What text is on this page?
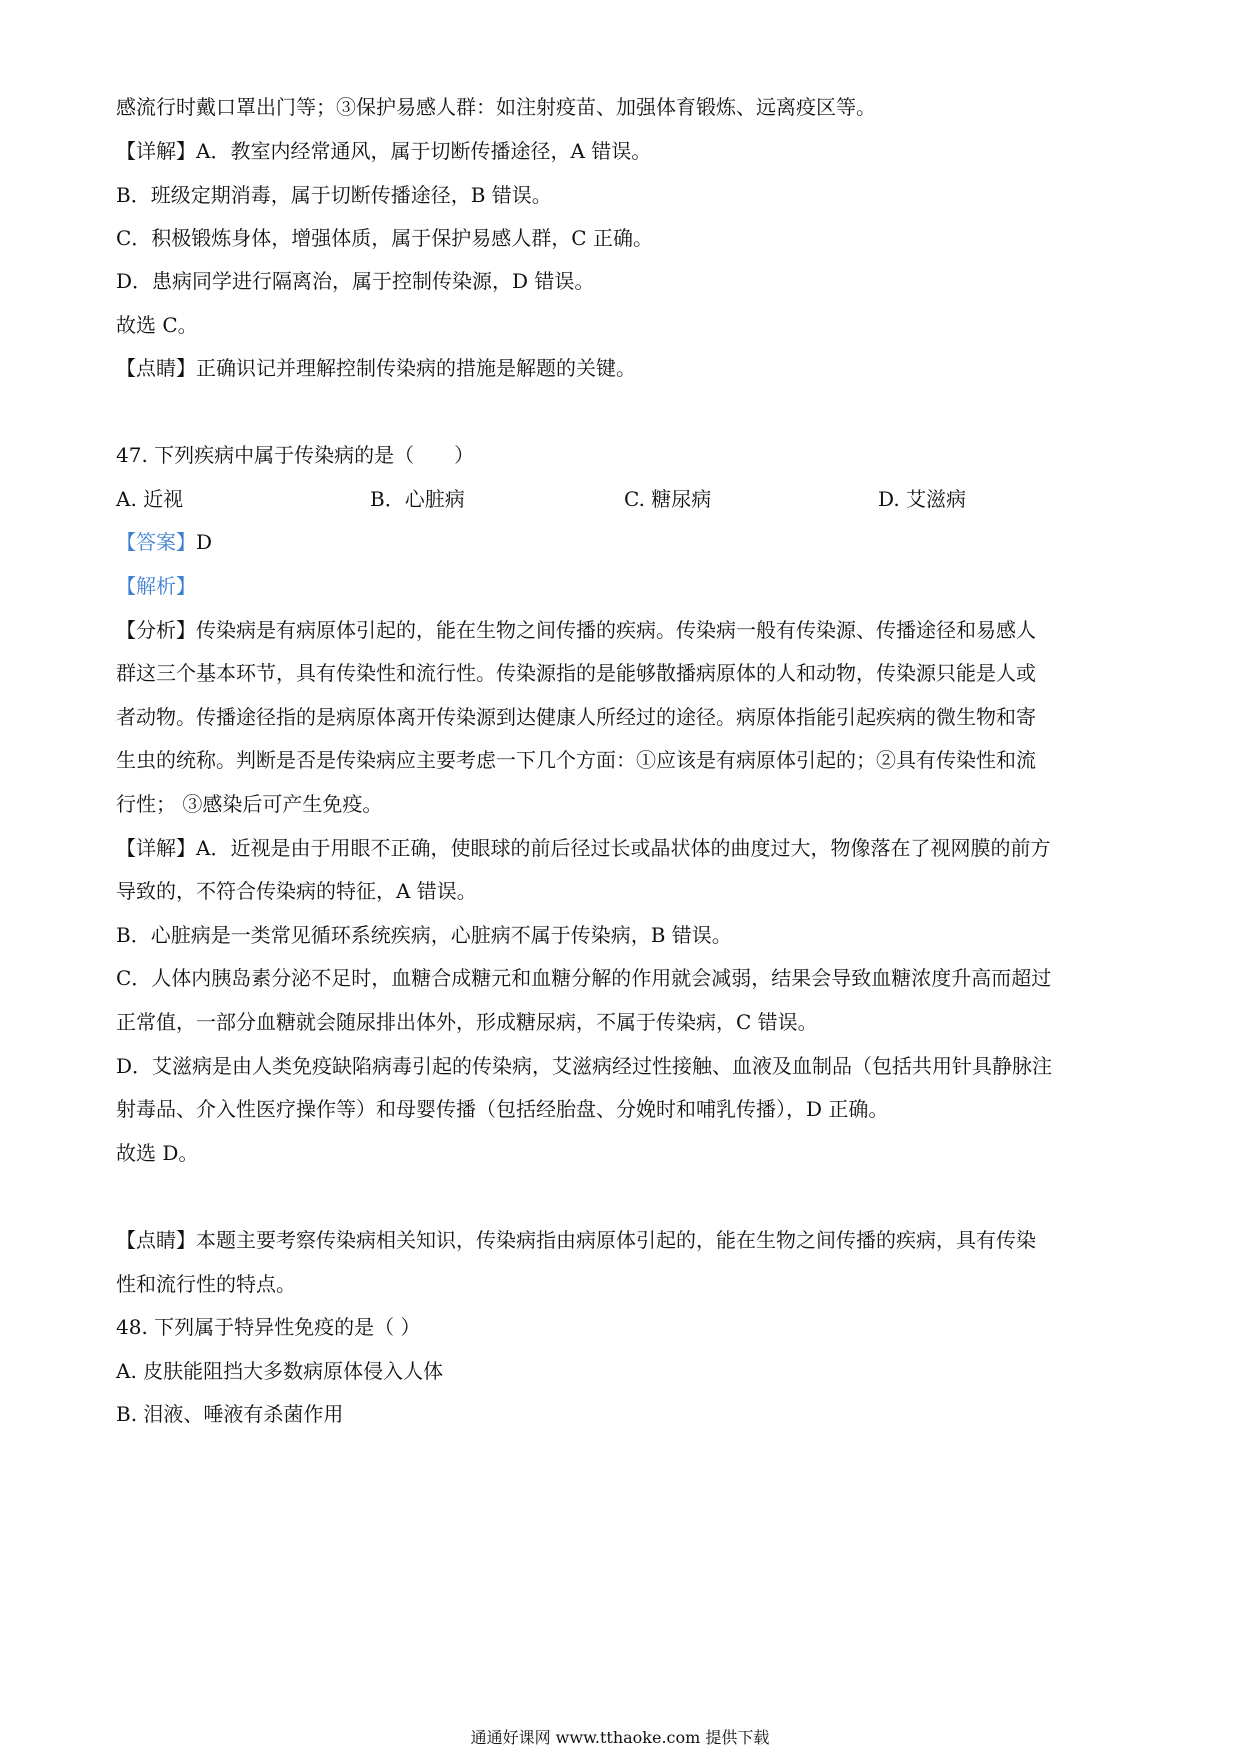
感流行时戴口罩出门等；③保护易感人群：如注射疫苗、加强体育锻炼、远离疫区等。
【详解】A．教室内经常通风，属于切断传播途径，A 错误。
B．班级定期消毒，属于切断传播途径，B 错误。
C．积极锻炼身体，增强体质，属于保护易感人群，C 正确。
D．患病同学进行隔离治，属于控制传染源，D 错误。
故选 C。
【点睛】正确识记并理解控制传染病的措施是解题的关键。
47. 下列疾病中属于传染病的是（　　）
A. 近视	B．心脏病	C. 糖尿病	D. 艾滋病
【答案】D
【解析】
【分析】传染病是有病原体引起的，能在生物之间传播的疾病。传染病一般有传染源、传播途径和易感人
群这三个基本环节，具有传染性和流行性。传染源指的是能够散播病原体的人和动物，传染源只能是人或
者动物。传播途径指的是病原体离开传染源到达健康人所经过的途径。病原体指能引起疾病的微生物和寄
生虫的统称。判断是否是传染病应主要考虑一下几个方面：①应该是有病原体引起的；②具有传染性和流
行性； ③感染后可产生免疫。
【详解】A．近视是由于用眼不正确，使眼球的前后径过长或晶状体的曲度过大，物像落在了视网膜的前方
导致的，不符合传染病的特征，A 错误。
B．心脏病是一类常见循环系统疾病，心脏病不属于传染病，B 错误。
C．人体内胰岛素分泌不足时，血糖合成糖元和血糖分解的作用就会减弱，结果会导致血糖浓度升高而超过
正常值，一部分血糖就会随尿排出体外，形成糖尿病，不属于传染病，C 错误。
D．艾滋病是由人类免疫缺陷病毒引起的传染病，艾滋病经过性接触、血液及血制品（包括共用针具静脉注
射毒品、介入性医疗操作等）和母婴传播（包括经胎盘、分娩时和哺乳传播），D 正确。
故选 D。
【点睛】本题主要考察传染病相关知识，传染病指由病原体引起的，能在生物之间传播的疾病，具有传染
性和流行性的特点。
48. 下列属于特异性免疫的是（ ）
A. 皮肤能阻挡大多数病原体侵入人体
B. 泪液、唾液有杀菌作用
通通好课网 www.tthaoke.com 提供下载
